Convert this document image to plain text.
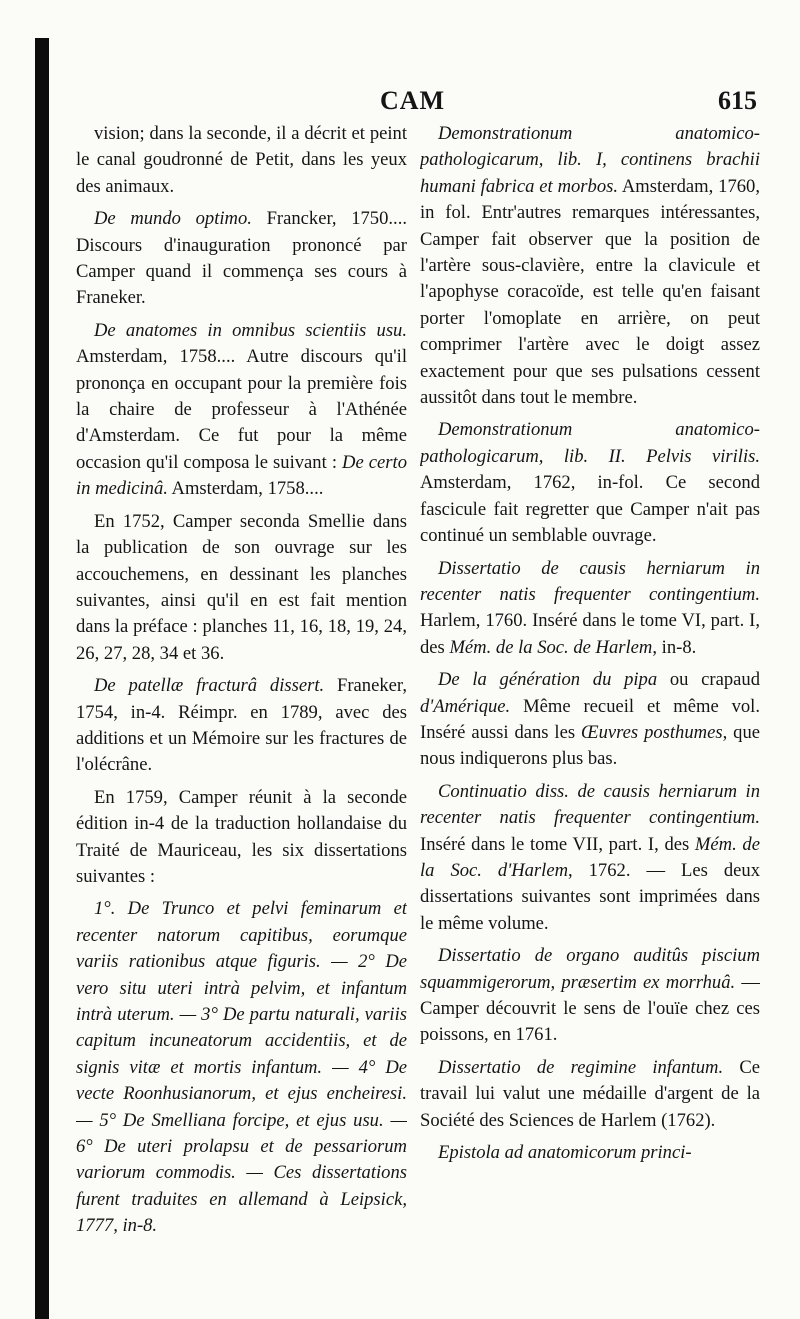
CAM	615

vision; dans la seconde, il a décrit et peint le canal goudronné de Petit, dans les yeux des animaux.

De mundo optimo. Francker, 1750.... Discours d'inauguration prononcé par Camper quand il commença ses cours à Franeker.

De anatomes in omnibus scientiis usu. Amsterdam, 1758.... Autre discours qu'il prononça en occupant pour la première fois la chaire de professeur à l'Athénée d'Amsterdam. Ce fut pour la même occasion qu'il composa le suivant : De certo in medicinâ. Amsterdam, 1758....

En 1752, Camper seconda Smellie dans la publication de son ouvrage sur les accouchemens, en dessinant les planches suivantes, ainsi qu'il en est fait mention dans la préface : planches 11, 16, 18, 19, 24, 26, 27, 28, 34 et 36.

De patellæ fracturâ dissert. Franeker, 1754, in-4. Réimpr. en 1789, avec des additions et un Mémoire sur les fractures de l'olécrâne.

En 1759, Camper réunit à la seconde édition in-4 de la traduction hollandaise du Traité de Mauriceau, les six dissertations suivantes :

1°. De Trunco et pelvi feminarum et recenter natorum capitibus, eorumque variis rationibus atque figuris. — 2° De vero situ uteri intrà pelvim, et infantum intrà uterum. — 3° De partu naturali, variis capitum incuneatorum accidentiis, et de signis vitæ et mortis infantum. — 4° De vecte Roonhusianorum, et ejus encheiresi. — 5° De Smelliana forcipe, et ejus usu. — 6° De uteri prolapsu et de pessariorum variorum commodis. — Ces dissertations furent traduites en allemand à Leipsick, 1777, in-8.

Demonstrationum anatomico-pathologicarum, lib. I, continens brachii humani fabrica et morbos. Amsterdam, 1760, in fol. Entr'autres remarques intéressantes, Camper fait observer que la position de l'artère sous-clavière, entre la clavicule et l'apophyse coracoïde, est telle qu'en faisant porter l'omoplate en arrière, on peut comprimer l'artère avec le doigt assez exactement pour que ses pulsations cessent aussitôt dans tout le membre.

Demonstrationum anatomico-pathologicarum, lib. II. Pelvis virilis. Amsterdam, 1762, in-fol. Ce second fascicule fait regretter que Camper n'ait pas continué un semblable ouvrage.

Dissertatio de causis herniarum in recenter natis frequenter contingentium. Harlem, 1760. Inséré dans le tome VI, part. I, des Mém. de la Soc. de Harlem, in-8.

De la génération du pipa ou crapaud d'Amérique. Même recueil et même vol. Inséré aussi dans les Œuvres posthumes, que nous indiquerons plus bas.

Continuatio diss. de causis herniarum in recenter natis frequenter contingentium. Inséré dans le tome VII, part. I, des Mém. de la Soc. d'Harlem, 1762. — Les deux dissertations suivantes sont imprimées dans le même volume.

Dissertatio de organo auditûs piscium squammigerorum, præsertim ex morrhuâ. — Camper découvrit le sens de l'ouïe chez ces poissons, en 1761.

Dissertatio de regimine infantum. Ce travail lui valut une médaille d'argent de la Société des Sciences de Harlem (1762).

Epistola ad anatomicorum princi-
